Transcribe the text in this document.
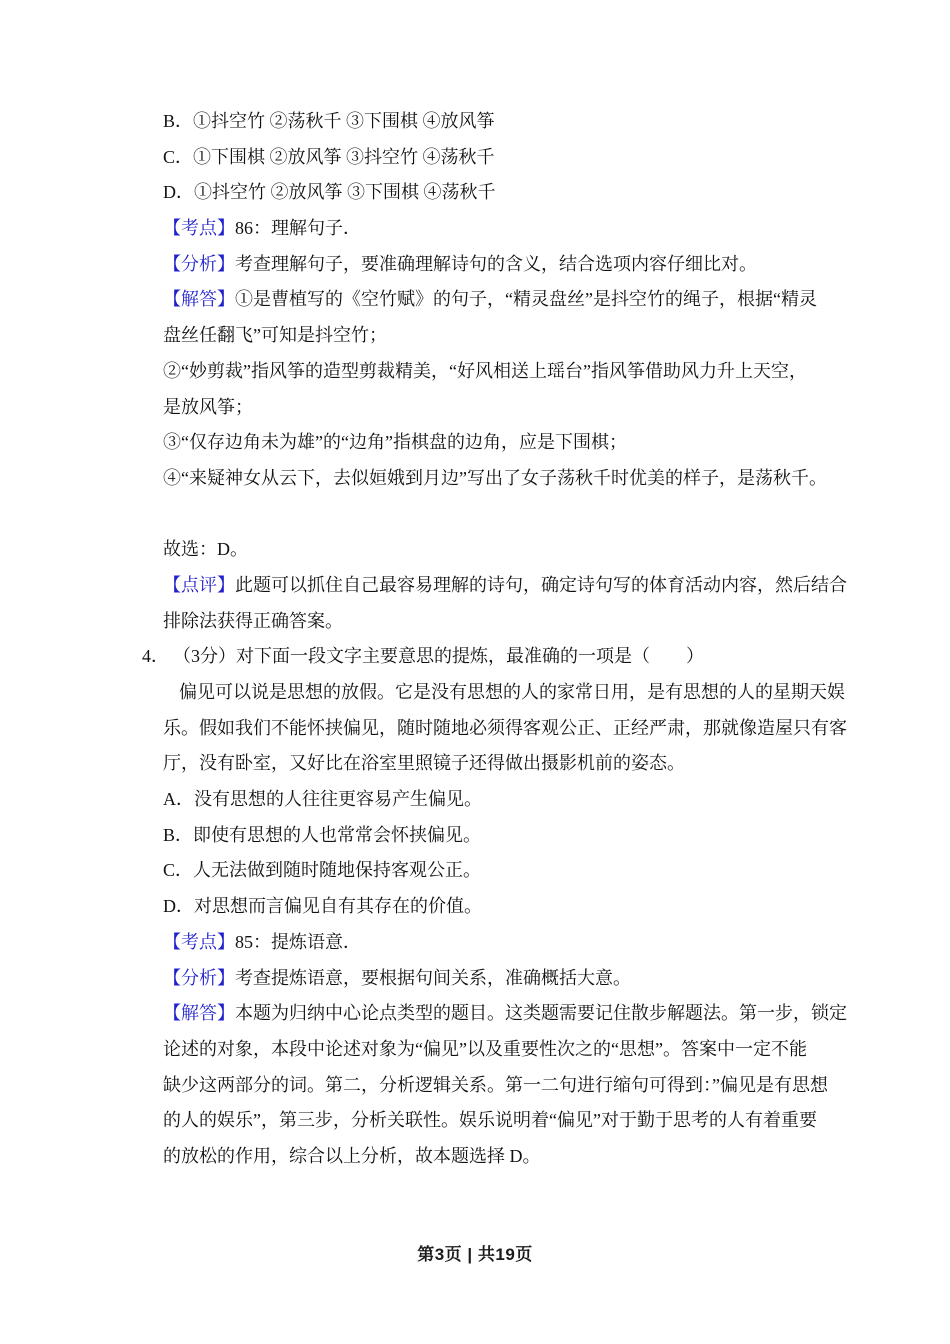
B．①抖空竹 ②荡秋千 ③下围棋 ④放风筝
C．①下围棋 ②放风筝 ③抖空竹 ④荡秋千
D．①抖空竹 ②放风筝 ③下围棋 ④荡秋千
【考点】86：理解句子．
【分析】考查理解句子，要准确理解诗句的含义，结合选项内容仔细比对。
【解答】①是曹植写的《空竹赋》的句子，“精灵盘丝”是抖空竹的绳子，根据“精灵
盘丝任翻飞”可知是抖空竹；
②“妙剪裁”指风筝的造型剪裁精美，“好风相送上瑶台”指风筝借助风力升上天空，
是放风筝；
③“仅存边角未为雄”的“边角”指棋盘的边角，应是下围棋；
④“来疑神女从云下，去似姮娥到月边”写出了女子荡秋千时优美的样子，是荡秋千。
故选：D。
【点评】此题可以抓住自己最容易理解的诗句，确定诗句写的体育活动内容，然后结合
排除法获得正确答案。
4． （3分）对下面一段文字主要意思的提炼，最准确的一项是（　　）
偏见可以说是思想的放假。它是没有思想的人的家常日用，是有思想的人的星期天娱
乐。假如我们不能怀挟偏见，随时随地必须得客观公正、正经严肃，那就像造屋只有客
厅，没有卧室，又好比在浴室里照镜子还得做出摄影机前的姿态。
A．没有思想的人往往更容易产生偏见。
B．即使有思想的人也常常会怀挟偏见。
C．人无法做到随时随地保持客观公正。
D．对思想而言偏见自有其存在的价值。
【考点】85：提炼语意．
【分析】考查提炼语意，要根据句间关系，准确概括大意。
【解答】本题为归纳中心论点类型的题目。这类题需要记住散步解题法。第一步，锁定
论述的对象，本段中论述对象为“偏见”以及重要性次之的“思想”。答案中一定不能
缺少这两部分的词。第二，分析逻辑关系。第一二句进行缩句可得到：”偏见是有思想
的人的娱乐”，第三步，分析关联性。娱乐说明着“偏见”对于勤于思考的人有着重要
的放松的作用，综合以上分析，故本题选择 D。
第3页 | 共19页
